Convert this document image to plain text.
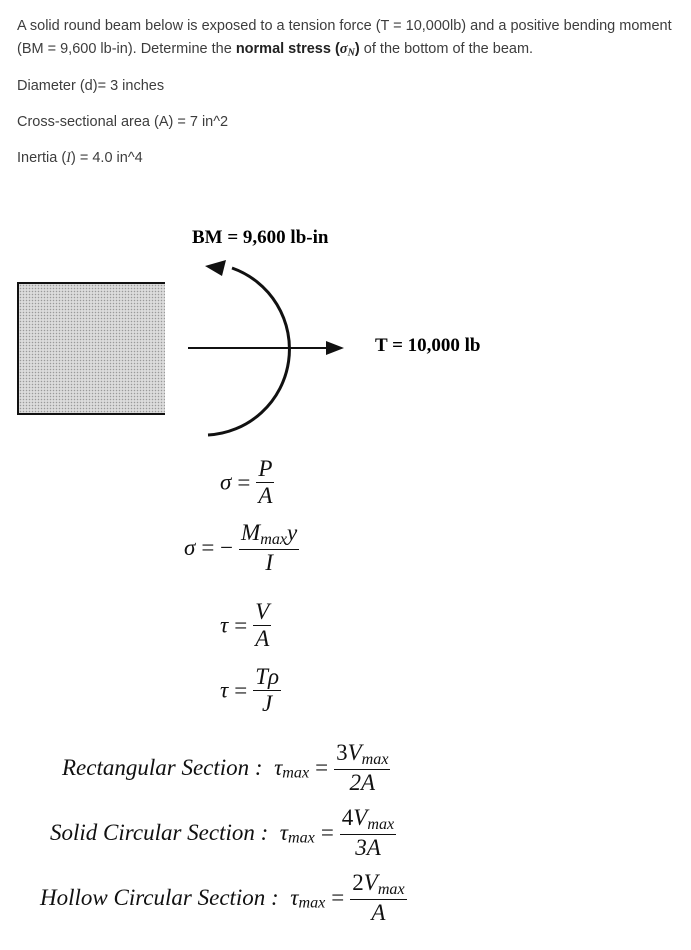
A solid round beam below is exposed to a tension force (T = 10,000lb) and a positive bending moment (BM = 9,600 lb-in). Determine the normal stress $(\sigma_N)$ of the bottom of the beam.
Diameter (d)= 3 inches
Cross-sectional area (A) = 7 in^2
Inertia (I) = 4.0 in^4
BM = 9,600 lb-in
T = 10,000 lb
$\sigma = \frac{P}{A}$
σ = − $\frac{M_{max}y}{I}$
$\tau = \frac{V}{A}$
$\tau = \frac{T\rho}{J}$
Rectangular Section : $\tau_{max} = \frac{3V_{max}}{2A}$
Solid Circular Section : $\tau_{max} = \frac{4V_{max}}{3A}$
Hollow Circular Section : $\tau_{max} = \frac{2V_{max}}{A}$
